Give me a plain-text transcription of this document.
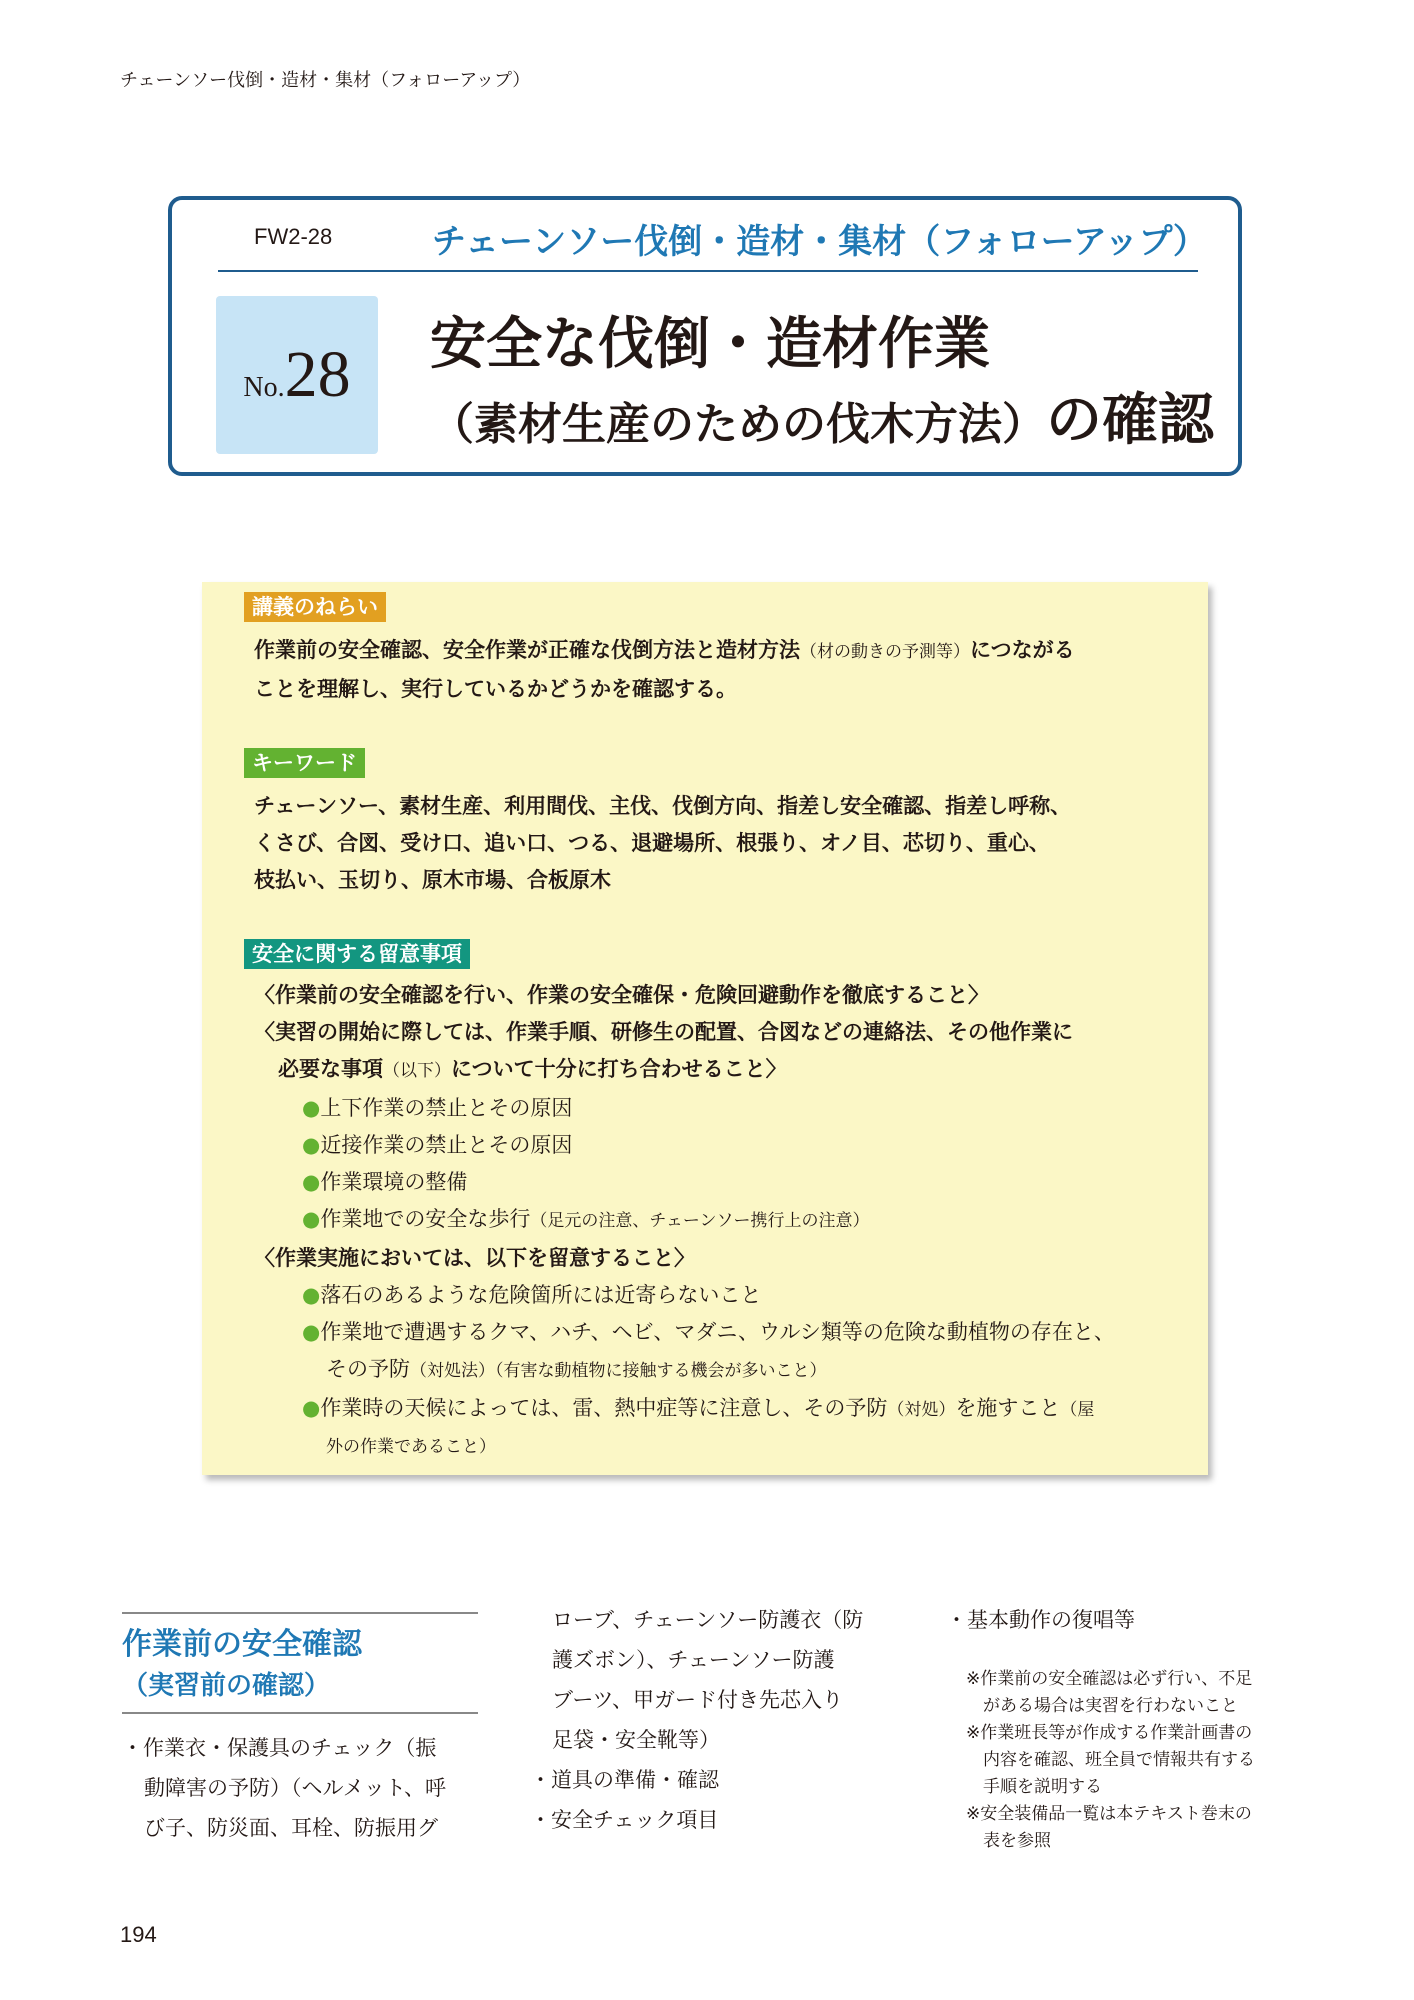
チェーンソー伐倒・造材・集材（フォローアップ）
FW2-28	チェーンソー伐倒・造材・集材（フォローアップ）
No. 28 安全な伐倒・造材作業
（素材生産のための伐木方法）の確認
講義のねらい
作業前の安全確認、安全作業が正確な伐倒方法と造材方法（材の動きの予測等）につながる
ことを理解し、実行しているかどうかを確認する。
キーワード
チェーンソー、素材生産、利用間伐、主伐、伐倒方向、指差し安全確認、指差し呼称、
くさび、合図、受け口、追い口、つる、退避場所、根張り、オノ目、芯切り、重心、
枝払い、玉切り、原木市場、合板原木
安全に関する留意事項
〈作業前の安全確認を行い、作業の安全確保・危険回避動作を徹底すること〉
〈実習の開始に際しては、作業手順、研修生の配置、合図などの連絡法、その他作業に
必要な事項（以下）について十分に打ち合わせること〉
●上下作業の禁止とその原因
●近接作業の禁止とその原因
●作業環境の整備
●作業地での安全な歩行（足元の注意、チェーンソー携行上の注意）
〈作業実施においては、以下を留意すること〉
●落石のあるような危険箇所には近寄らないこと
●作業地で遭遇するクマ、ハチ、ヘビ、マダニ、ウルシ類等の危険な動植物の存在と、
その予防（対処法）（有害な動植物に接触する機会が多いこと）
●作業時の天候によっては、雷、熱中症等に注意し、その予防（対処）を施すこと（屋
外の作業であること）
作業前の安全確認
（実習前の確認）
・作業衣・保護具のチェック（振
動障害の予防）（ヘルメット、呼
び子、防災面、耳栓、防振用グ
ローブ、チェーンソー防護衣（防
護ズボン）、チェーンソー防護
ブーツ、甲ガード付き先芯入り
足袋・安全靴等）
・道具の準備・確認
・安全チェック項目
・基本動作の復唱等
※作業前の安全確認は必ず行い、不足
がある場合は実習を行わないこと
※作業班長等が作成する作業計画書の
内容を確認、班全員で情報共有する
手順を説明する
※安全装備品一覧は本テキスト巻末の
表を参照
194
